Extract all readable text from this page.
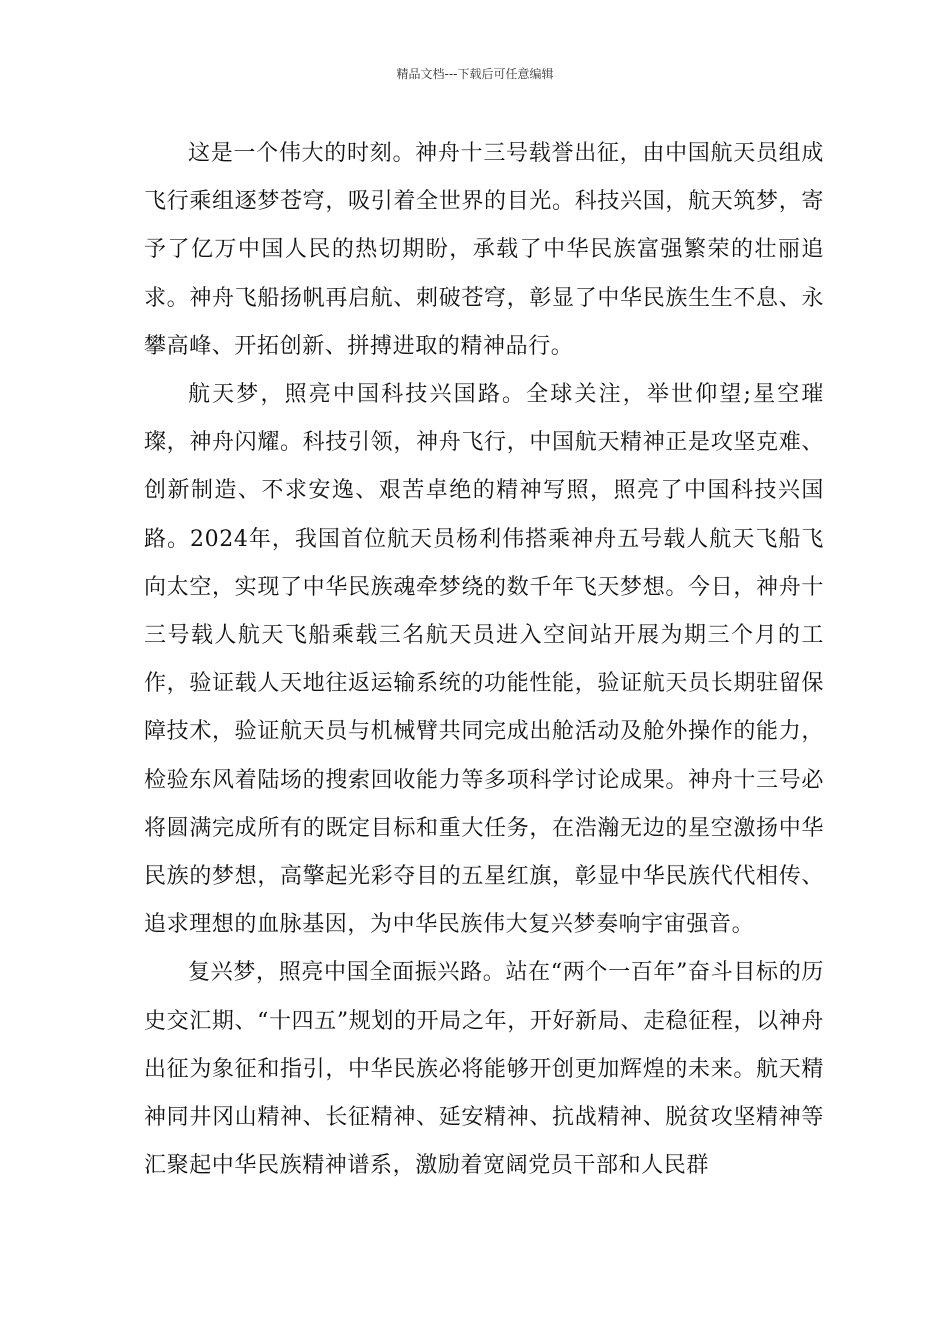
精品文档---下载后可任意编辑

这是一个伟大的时刻。神舟十三号载誉出征，由中国航天员组成飞行乘组逐梦苍穹，吸引着全世界的目光。科技兴国，航天筑梦，寄予了亿万中国人民的热切期盼，承载了中华民族富强繁荣的壮丽追求。神舟飞船扬帆再启航、刺破苍穹，彰显了中华民族生生不息、永攀高峰、开拓创新、拼搏进取的精神品行。

航天梦，照亮中国科技兴国路。全球关注，举世仰望;星空璀璨，神舟闪耀。科技引领，神舟飞行，中国航天精神正是攻坚克难、创新制造、不求安逸、艰苦卓绝的精神写照，照亮了中国科技兴国路。2024年，我国首位航天员杨利伟搭乘神舟五号载人航天飞船飞向太空，实现了中华民族魂牵梦绕的数千年飞天梦想。今日，神舟十三号载人航天飞船乘载三名航天员进入空间站开展为期三个月的工作，验证载人天地往返运输系统的功能性能，验证航天员长期驻留保障技术，验证航天员与机械臂共同完成出舱活动及舱外操作的能力，检验东风着陆场的搜索回收能力等多项科学讨论成果。神舟十三号必将圆满完成所有的既定目标和重大任务，在浩瀚无边的星空激扬中华民族的梦想，高擎起光彩夺目的五星红旗，彰显中华民族代代相传、追求理想的血脉基因，为中华民族伟大复兴梦奏响宇宙强音。

复兴梦，照亮中国全面振兴路。站在“两个一百年”奋斗目标的历史交汇期、“十四五”规划的开局之年，开好新局、走稳征程，以神舟出征为象征和指引，中华民族必将能够开创更加辉煌的未来。航天精神同井冈山精神、长征精神、延安精神、抗战精神、脱贫攻坚精神等汇聚起中华民族精神谱系，激励着宽阔党员干部和人民群
